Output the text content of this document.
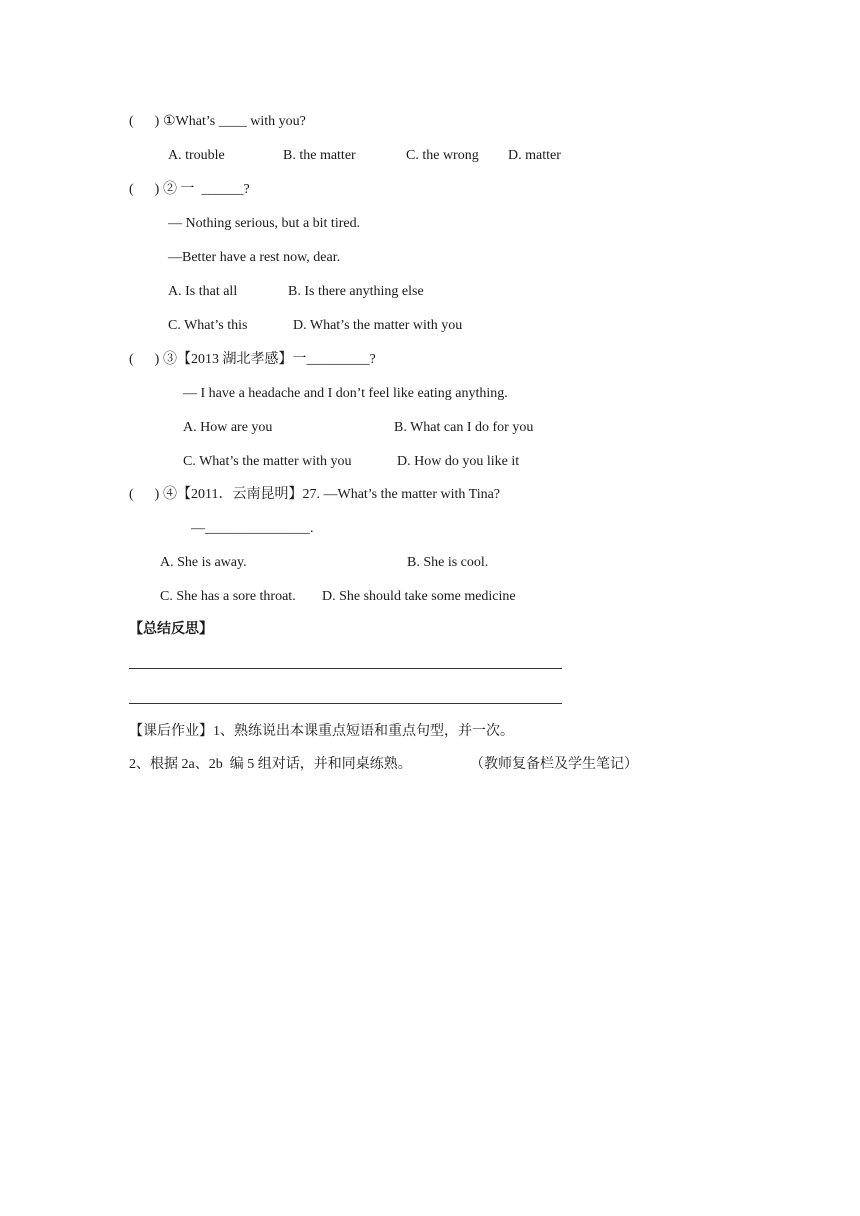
(      ) ①What’s ____ with you?
A. trouble	B. the matter	C. the wrong D. matter
(      ) ② 一  ______?
— Nothing serious, but a bit tired.
—Better have a rest now, dear.
A. Is that all	B. Is there anything else
C. What’s this	D. What’s the matter with you
(      ) ③【2013 湖北孝感】一_________?
— I have a headache and I don’t feel like eating anything.
A. How are you	B. What can I do for you
C. What’s the matter with you	D. How do you like it
(      ) ④【2011．云南昆明】27. —What’s the matter with Tina?
—_______________.
A. She is away.	B. She is cool.
C. She has a sore throat. D. She should take some medicine
【总结反思】
【课后作业】1、熟练说出本课重点短语和重点句型，并一次。
2、根据 2a、2b  编 5 组对话，并和同桌练熟。	（教师复备栏及学生笔记）
